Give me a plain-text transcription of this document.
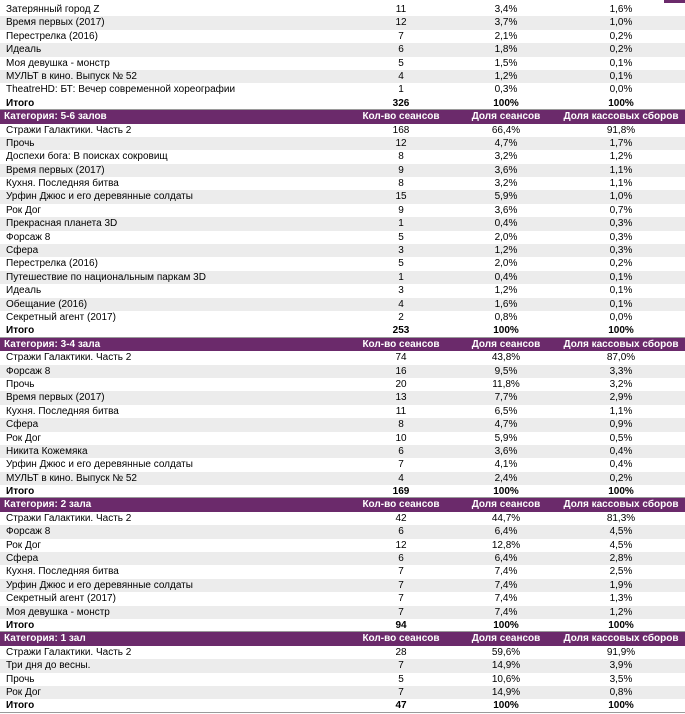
Затерянный город Z	11	3,4%	1,6%
Время первых (2017)	12	3,7%	1,0%
Перестрелка (2016)	7	2,1%	0,2%
Идеаль	6	1,8%	0,2%
Моя девушка - монстр	5	1,5%	0,1%
МУЛЬТ в кино. Выпуск № 52	4	1,2%	0,1%
TheatreHD: БТ: Вечер современной хореографии	1	0,3%	0,0%
Итого	326	100%	100%
Категория: 5-6 залов	Кол-во сеансов	Доля сеансов	Доля кассовых сборов
Стражи Галактики. Часть 2	168	66,4%	91,8%
Прочь	12	4,7%	1,7%
Доспехи бога: В поисках сокровищ	8	3,2%	1,2%
Время первых (2017)	9	3,6%	1,1%
Кухня. Последняя битва	8	3,2%	1,1%
Урфин Джюс и его деревянные солдаты	15	5,9%	1,0%
Рок Дог	9	3,6%	0,7%
Прекрасная планета 3D	1	0,4%	0,3%
Форсаж 8	5	2,0%	0,3%
Сфера	3	1,2%	0,3%
Перестрелка (2016)	5	2,0%	0,2%
Путешествие по национальным паркам 3D	1	0,4%	0,1%
Идеаль	3	1,2%	0,1%
Обещание (2016)	4	1,6%	0,1%
Секретный агент (2017)	2	0,8%	0,0%
Итого	253	100%	100%
Категория: 3-4 зала	Кол-во сеансов	Доля сеансов	Доля кассовых сборов
Стражи Галактики. Часть 2	74	43,8%	87,0%
Форсаж 8	16	9,5%	3,3%
Прочь	20	11,8%	3,2%
Время первых (2017)	13	7,7%	2,9%
Кухня. Последняя битва	11	6,5%	1,1%
Сфера	8	4,7%	0,9%
Рок Дог	10	5,9%	0,5%
Никита Кожемяка	6	3,6%	0,4%
Урфин Джюс и его деревянные солдаты	7	4,1%	0,4%
МУЛЬТ в кино. Выпуск № 52	4	2,4%	0,2%
Итого	169	100%	100%
Категория: 2 зала	Кол-во сеансов	Доля сеансов	Доля кассовых сборов
Стражи Галактики. Часть 2	42	44,7%	81,3%
Форсаж 8	6	6,4%	4,5%
Рок Дог	12	12,8%	4,5%
Сфера	6	6,4%	2,8%
Кухня. Последняя битва	7	7,4%	2,5%
Урфин Джюс и его деревянные солдаты	7	7,4%	1,9%
Секретный агент (2017)	7	7,4%	1,3%
Моя девушка - монстр	7	7,4%	1,2%
Итого	94	100%	100%
Категория: 1 зал	Кол-во сеансов	Доля сеансов	Доля кассовых сборов
Стражи Галактики. Часть 2	28	59,6%	91,9%
Три дня до весны.	7	14,9%	3,9%
Прочь	5	10,6%	3,5%
Рок Дог	7	14,9%	0,8%
Итого	47	100%	100%
